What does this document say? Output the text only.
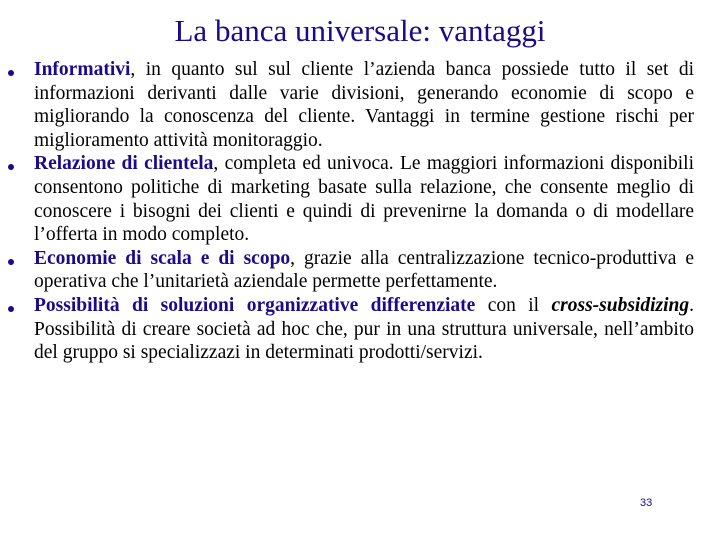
La banca universale: vantaggi
Informativi, in quanto sul sul cliente l’azienda banca possiede tutto il set di informazioni derivanti dalle varie divisioni, generando economie di scopo e migliorando la conoscenza del cliente. Vantaggi in termine gestione rischi per miglioramento attività monitoraggio.
Relazione di clientela, completa ed univoca. Le maggiori informazioni disponibili consentono politiche di marketing basate sulla relazione, che consente meglio di conoscere i bisogni dei clienti e quindi di prevenirne la domanda o di modellare l’offerta in modo completo.
Economie di scala e di scopo, grazie alla centralizzazione tecnico-produttiva e operativa che l’unitarietà aziendale permette perfettamente.
Possibilità di soluzioni organizzative differenziate con il cross-subsidizing. Possibilità di creare società ad hoc che, pur in una struttura universale, nell’ambito del gruppo si specializzazi in determinati prodotti/servizi.
33
